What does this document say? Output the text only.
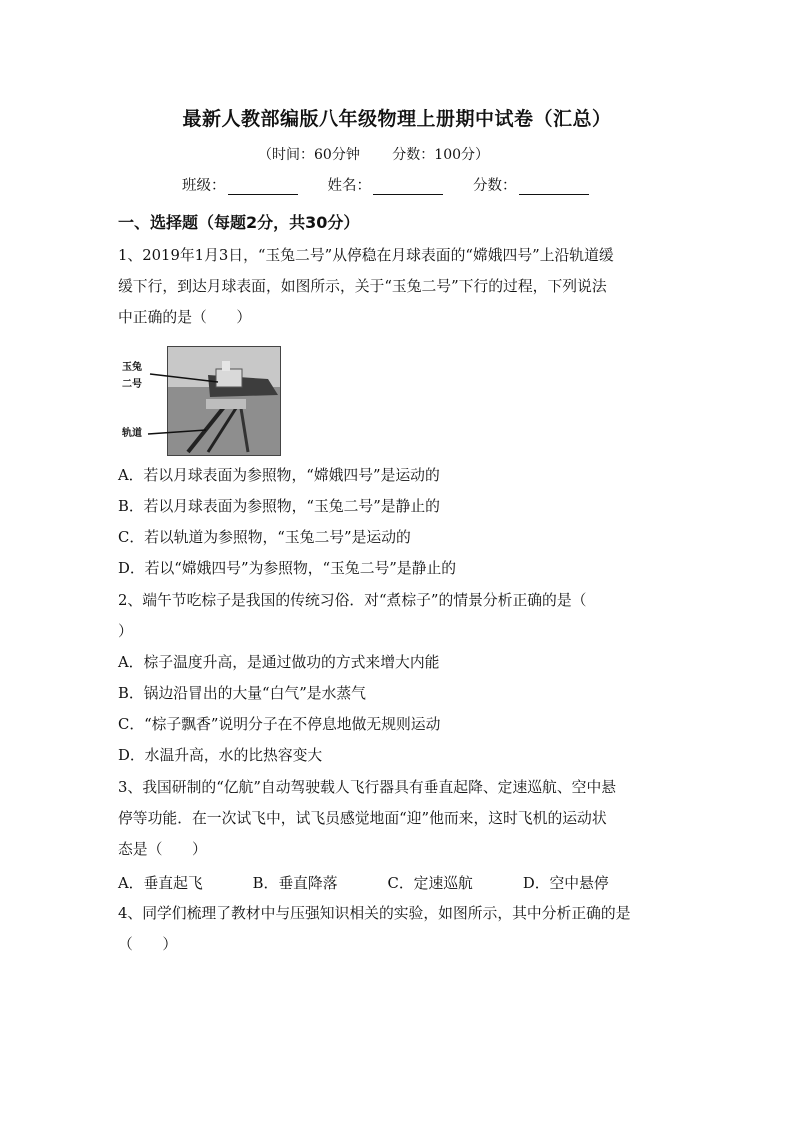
最新人教部编版八年级物理上册期中试卷（汇总）
（时间：60分钟 分数：100分）
班级：	姓名：	分数：
一、选择题（每题2分，共30分）
1、2019年1月3日，“玉兔二号”从停稳在月球表面的“嫦娥四号”上沿轨道缓
缓下行，到达月球表面，如图所示，关于“玉兔二号”下行的过程，下列说法
中正确的是（　　）
玉兔
二号
轨道
A．若以月球表面为参照物，“嫦娥四号”是运动的
B．若以月球表面为参照物，“玉兔二号”是静止的
C．若以轨道为参照物，“玉兔二号”是运动的
D．若以“嫦娥四号”为参照物，“玉兔二号”是静止的
2、端午节吃棕子是我国的传统习俗．对“煮棕子”的情景分析正确的是（
）
A．棕子温度升高，是通过做功的方式来增大内能
B．锅边沿冒出的大量“白气”是水蒸气
C．“棕子飘香”说明分子在不停息地做无规则运动
D．水温升高，水的比热容变大
3、我国研制的“亿航”自动驾驶载人飞行器具有垂直起降、定速巡航、空中悬
停等功能．在一次试飞中，试飞员感觉地面“迎”他而来，这时飞机的运动状
态是（　　）
A．垂直起飞	B．垂直降落	C．定速巡航	D．空中悬停
4、同学们梳理了教材中与压强知识相关的实验，如图所示，其中分析正确的是
（　　）
